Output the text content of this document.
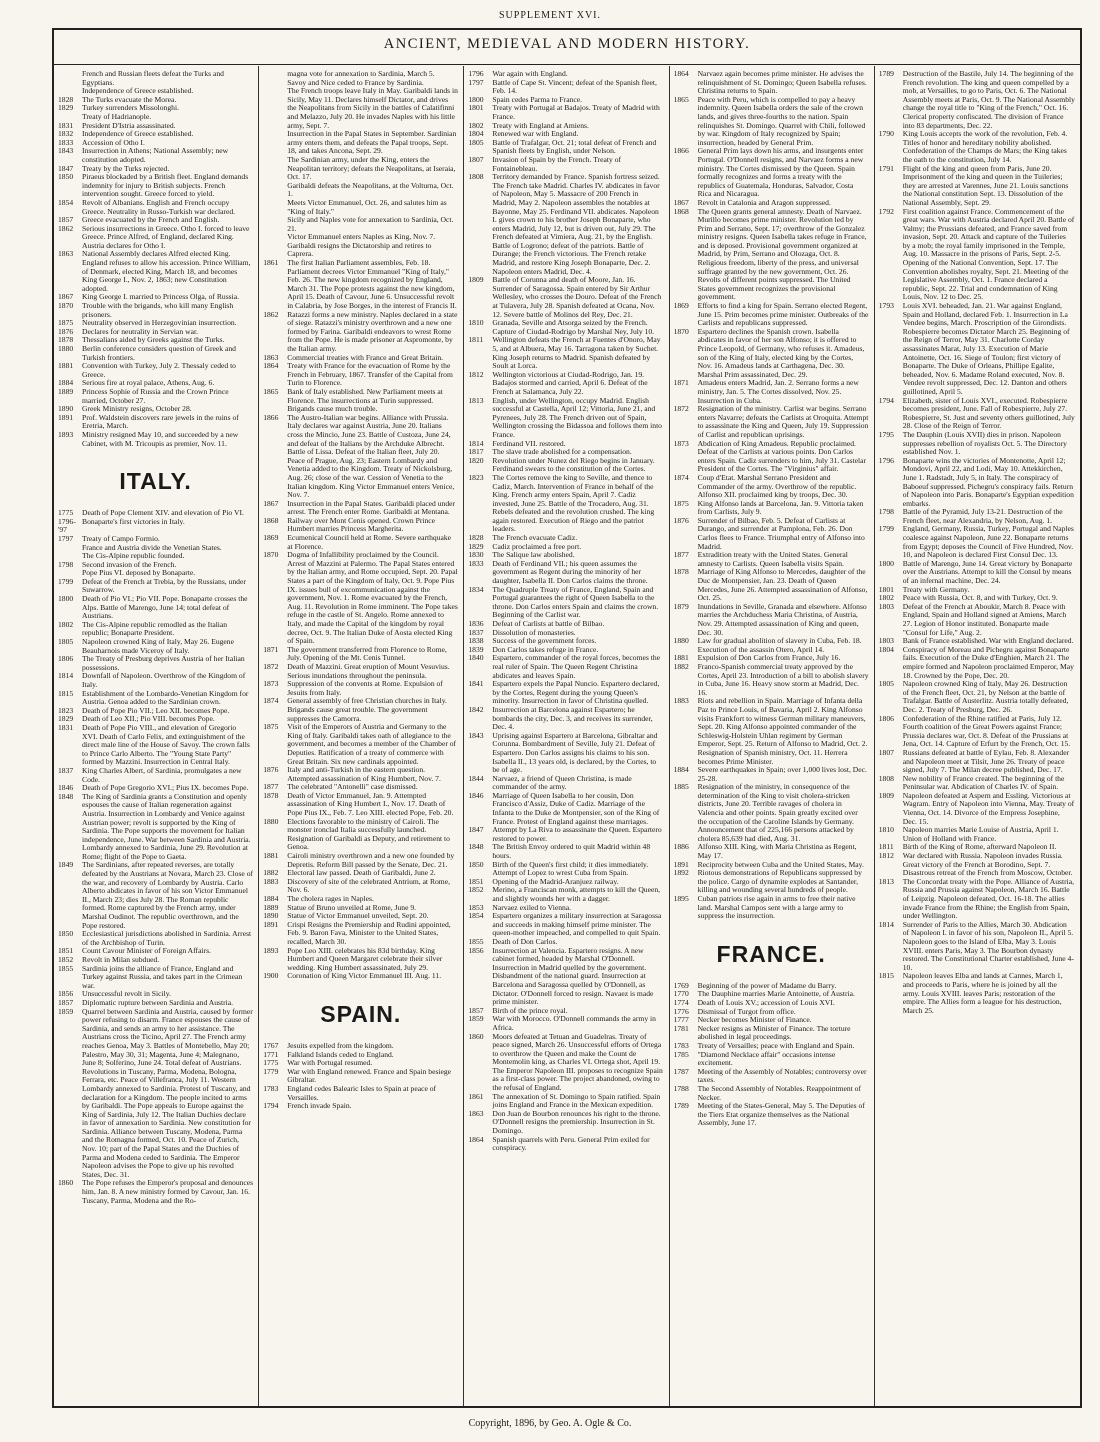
SUPPLEMENT XVI.
ANCIENT, MEDIEVAL AND MODERN HISTORY.
French and Russian fleets defeat the Turks and Egyptians.
Independence of Greece established.
1828	The Turks evacuate the Morea.
1829	Turkey surrenders Missolonghi.
Treaty of Hadrianople.
1831	President D'Istria assassinated.
1832	Independence of Greece established.
1833	Accession of Otho I.
1843	Insurrection in Athens; National Assembly; new constitution adopted.
1847	Treaty by the Turks rejected.
1850	Piraeus blockaded by a British fleet. England demands indemnity for injury to British subjects. French intervention sought. Greece forced to yield.
1854	Revolt of Albanians. English and French occupy Greece. Neutrality in Russo-Turkish war declared.
1857	Greece evacuated by the French and English.
1862	Serious insurrections in Greece. Otho I. forced to leave Greece. Prince Alfred, of England, declared King. Austria declares for Otho I.
1863	National Assembly declares Alfred elected King. England refuses to allow his accession. Prince William, of Denmark, elected King, March 18, and becomes King George I., Nov. 2, 1863; new Constitution adopted.
1867	King George I. married to Princess Olga, of Russia.
1870	Trouble with the brigands, who kill many English prisoners.
1875	Neutrality observed in Herzegovinian insurrection.
1876	Declares for neutrality in Servian war.
1878	Thessalians aided by Greeks against the Turks.
1880	Berlin conference considers question of Greek and Turkish frontiers.
1881	Convention with Turkey, July 2. Thessaly ceded to Greece.
1884	Serious fire at royal palace, Athens, Aug. 6.
1889	Princess Sophie of Russia and the Crown Prince married, October 27.
1890	Greek Ministry resigns, October 28.
1891	Prof. Waldstein discovers rare jewels in the ruins of Eretria, March.
1893	Ministry resigned May 10, and succeeded by a new Cabinet, with M. Tricoupis as premier, Nov. 11.
ITALY.
1775	Death of Pope Clement XIV. and elevation of Pio VI.
1796-'97
Bonaparte's first victories in Italy.
1797	Treaty of Campo Formio.
France and Austria divide the Venetian States.
The Cis-Alpine republic founded.
1798	Second invasion of the French.
Pope Pius VI. deposed by Bonaparte.
1799	Defeat of the French at Trebia, by the Russians, under Suwarrow.
1800	Death of Pio VI.; Pio VII. Pope. Bonaparte crosses the Alps. Battle of Marengo, June 14; total defeat of Austrians.
1802	The Cis-Alpine republic remodled as the Italian republic; Bonaparte President.
1805	Napoleon crowned King of Italy, May 26. Eugene Beauharnois made Viceroy of Italy.
1806	The Treaty of Presburg deprives Austria of her Italian possessions.
1814	Downfall of Napoleon. Overthrow of the Kingdom of Italy.
1815	Establishment of the Lombardo-Venetian Kingdom for Austria. Genoa added to the Sardinian crown.
1823	Death of Pope Pio VII.; Leo XII. becomes Pope.
1829	Death of Leo XII.; Pio VIII. becomes Pope.
1831	Death of Pope Pio VIII., and elevation of Gregorio XVI. Death of Carlo Felix, and extinguishment of the direct male line of the House of Savoy. The crown falls to Prince Carlo Alberto. The "Young State Party" formed by Mazzini. Insurrection in Central Italy.
1837	King Charles Albert, of Sardinia, promulgates a new Code.
1846	Death of Pope Gregorio XVI.; Pius IX. becomes Pope.
1848	The King of Sardinia grants a Constitution and openly espouses the cause of Italian regeneration against Austria. Insurrection in Lombardy and Venice against Austrian power; revolt is supported by the King of Sardinia. The Pope supports the movement for Italian independence, June. War between Sardinia and Austria. Lombardy annexed to Sardinia, June 29. Revolution at Rome; flight of the Pope to Gaeta.
1849	The Sardinians, after repeated reverses, are totally defeated by the Austrians at Novara, March 23. Close of the war, and recovery of Lombardy by Austria. Carlo Alberto abdicates in favor of his son Victor Emmanuel II., March 23; dies July 28. The Roman republic formed. Rome captured by the French army, under Marshal Oudinot. The republic overthrown, and the Pope restored.
1850	Ecclesiastical jurisdictions abolished in Sardinia. Arrest of the Archbishop of Turin.
1851	Count Cavour Minister of Foreign Affairs.
1852	Revolt in Milan subdued.
1855	Sardinia joins the alliance of France, England and Turkey against Russia, and takes part in the Crimean war.
1856	Unsuccessful revolt in Sicily.
1857	Diplomatic rupture between Sardinia and Austria.
1859	Quarrel between Sardinia and Austria, caused by former power refusing to disarm. France espouses the cause of Sardinia, and sends an army to her assistance. The Austrians cross the Ticino, April 27. The French army reaches Genoa, May 3. Battles of Montebello, May 20; Palestro, May 30, 31; Magenta, June 4; Malegnano, June 8; Solferino, June 24. Total defeat of Austrians. Revolutions in Tuscany, Parma, Modena, Bologna, Ferrara, etc. Peace of Villefranca, July 11. Western Lombardy annexed to Sardinia. Protest of Tuscany, and declaration for a Kingdom. The people incited to arms by Garibaldi. The Pope appeals to Europe against the King of Sardinia, July 12. The Italian Duchies declare in favor of annexation to Sardinia. New constitution for Sardinia. Alliance between Tuscany, Modena, Parma and the Romagna formed, Oct. 10. Peace of Zurich, Nov. 10; part of the Papal States and the Duchies of Parma and Modena ceded to Sardinia. The Emperor Napoleon advises the Pope to give up his revolted States, Dec. 31.
1860	The Pope refuses the Emperor's proposal and denounces him, Jan. 8. A new ministry formed by Cavour, Jan. 16. Tuscany, Parma, Modena and the Ro-
magna vote for annexation to Sardinia, March 5.
Savoy and Nice ceded to France by Sardinia.
The French troops leave Italy in May. Garibaldi lands in Sicily, May 11. Declares himself Dictator, and drives the Neapolitans from Sicily in the battles of Calatifinni and Melazzo, July 20. He invades Naples with his little army, Sept. 7.
Insurrection in the Papal States in September. Sardinian army enters them, and defeats the Papal troops, Sept. 18, and takes Ancona, Sept. 29.
The Sardinian army, under the King, enters the Neapolitan territory; defeats the Neapolitans, at Iseraia, Oct. 17.
Garibaldi defeats the Neapolitans, at the Volturna, Oct. 1.
Meets Victor Emmanuel, Oct. 26, and salutes him as "King of Italy."
Sicily and Naples vote for annexation to Sardinia, Oct. 21.
Victor Emmanuel enters Naples as King, Nov. 7.
Garibaldi resigns the Dictatorship and retires to Caprera.
1861	The first Italian Parliament assembles, Feb. 18. Parliament decrees Victor Emmanuel "King of Italy," Feb. 26. The new kingdom recognized by England, March 31. The Pope protests against the new kingdom, April 15. Death of Cavour, June 6. Unsuccessful revolt in Calabria, by Jose Borges, in the interest of Francis II.
1862	Ratazzi forms a new ministry. Naples declared in a state of siege. Ratazzi's ministry overthrown and a new one formed by Farina. Garibaldi endeavors to wrest Rome from the Pope. He is made prisoner at Aspromonte, by the Italian army.
1863	Commercial treaties with France and Great Britain.
1864	Treaty with France for the evacuation of Rome by the French in February, 1867. Transfer of the Capital from Turin to Florence.
1865	Bank of Italy established. New Parliament meets at Florence. The insurrections at Turin suppressed. Brigands cause much trouble.
1866	The Austro-Italian war begins. Alliance with Prussia. Italy declares war against Austria, June 20. Italians cross the Mincio, June 23. Battle of Custoza, June 24, and defeat of the Italians by the Archduke Albrecht. Battle of Lissa. Defeat of the Italian fleet, July 20. Peace of Prague, Aug. 23; Eastern Lombardy and Venetia added to the Kingdom. Treaty of Nickolsburg, Aug. 26; close of the war. Cession of Venetia to the Italian kingdom. King Victor Emmanuel enters Venice, Nov. 7.
1867	Insurrection in the Papal States. Garibaldi placed under arrest. The French enter Rome. Garibaldi at Mentana.
1868	Railway over Mont Cenis opened. Crown Prince Humbert marries Princess Margherita.
1869	Ecumenical Council held at Rome. Severe earthquake at Florence.
1870	Dogma of Infallibility proclaimed by the Council. Arrest of Mazzini at Palermo. The Papal States entered by the Italian army, and Rome occupied, Sept. 20. Papal States a part of the Kingdom of Italy, Oct. 9. Pope Pius IX. issues bull of excommunication against the government, Nov. 1. Rome evacuated by the French, Aug. 11. Revolution in Rome imminent. The Pope takes refuge in the castle of St. Angelo. Rome annexed to Italy, and made the Capital of the kingdom by royal decree, Oct. 9. The Italian Duke of Aosta elected King of Spain.
1871	The government transferred from Florence to Rome, July. Opening of the Mt. Cenis Tunnel.
1872	Death of Mazzini. Great eruption of Mount Vesuvius. Serious inundations throughout the peninsula.
1873	Suppression of the convents at Rome. Expulsion of Jesuits from Italy.
1874	General assembly of free Christian churches in Italy. Brigands cause great trouble. The government suppresses the Camorra.
1875	Visit of the Emperors of Austria and Germany to the King of Italy. Garibaldi takes oath of allegiance to the government, and becomes a member of the Chamber of Deputies. Ratification of a treaty of commerce with Great Britain. Six new cardinals appointed.
1876	Italy and anti-Turkish in the eastern question. Attempted assassination of King Humbert, Nov. 7.
1877	The celebrated "Antonelli" case dismissed.
1878	Death of Victor Emmanuel, Jan. 9. Attempted assassination of King Humbert I., Nov. 17. Death of Pope Pius IX., Feb. 7. Leo XIII. elected Pope, Feb. 20.
1880	Elections favorable to the ministry of Cairoli. The monster ironclad Italia successfully launched. Resignation of Garibaldi as Deputy, and retirement to Genoa.
1881	Cairoli ministry overthrown and a new one founded by Depretis. Reform Bill passed by the Senate, Dec. 21.
1882	Electoral law passed. Death of Garibaldi, June 2.
1883	Discovery of site of the celebrated Antrium, at Rome, Nov. 6.
1884	The cholera rages in Naples.
1889	Statue of Bruno unveiled at Rome, June 9.
1890	Statue of Victor Emmanuel unveiled, Sept. 20.
1891	Crispi Resigns the Premiership and Rudini appointed, Feb. 9. Baron Fava, Minister to the United States, recalled, March 30.
1893	Pope Leo XIII. celebrates his 83d birthday. King Humbert and Queen Margaret celebrate their silver wedding. King Humbert assassinated, July 29.
1900	Coronation of King Victor Emmanuel III. Aug. 11.
SPAIN.
1767	Jesuits expelled from the kingdom.
1771	Falkland Islands ceded to England.
1775	War with Portugal resumed.
1779	War with England renewed. France and Spain besiege Gibraltar.
1783	England cedes Balearic Isles to Spain at peace of Versailles.
1794	French invade Spain.
1796	War again with England.
1797	Battle of Cape St. Vincent; defeat of the Spanish fleet, Feb. 14.
1800	Spain cedes Parma to France.
1801	Treaty with Portugal at Badajos. Treaty of Madrid with France.
1802	Treaty with England at Amiens.
1804	Renewed war with England.
1805	Battle of Trafalgar, Oct. 21; total defeat of French and Spanish fleets by English, under Nelson.
1807	Invasion of Spain by the French. Treaty of Fontainebleau.
1808	Territory demanded by France. Spanish fortress seized. The French take Madrid. Charles IV. abdicates in favor of Napoleon, May 5. Massacre of 200 French in Madrid, May 2. Napoleon assembles the notables at Bayonne, May 25. Ferdinand VII. abdicates. Napoleon I. gives crown to his brother Joseph Bonaparte, who enters Madrid, July 12, but is driven out, July 29. The French defeated at Vimiera, Aug. 21, by the English. Battle of Logrono; defeat of the patriots. Battle of Durange; the French victorious. The French retake Madrid, and restore King Joseph Bonaparte, Dec. 2. Napoleon enters Madrid, Dec. 4.
1809	Battle of Corunna and death of Moore, Jan. 16. Surrender of Saragossa. Spain entered by Sir Arthur Wellesley, who crosses the Douro. Defeat of the French at Tulavera, July 28. Spanish defeated at Ocana, Nov. 12. Severe battle of Molinos del Rey, Dec. 21.
1810	Granada, Seville and Atsorga seized by the French. Capture of Ciudad-Rodrigo by Marshal Ney, July 10.
1811	Wellington defeats the French at Fuentes d'Onoro, May 5, and at Albuera, May 16. Tarragona taken by Suchet. King Joseph returns to Madrid. Spanish defeated by Soult at Lorca.
1812	Wellington victorious at Ciudad-Rodrigo, Jan. 19. Badajos stormed and carried, April 6. Defeat of the French at Salamanca, July 22.
1813	English, under Wellington, occupy Madrid. English successful at Castella, April 12; Vittoria, June 21, and Pyrenees, July 28. The French driven out of Spain, Wellington crossing the Bidassoa and follows them into France.
1814	Ferdinand VII. restored.
1817	The slave trade abolished for a compensation.
1820	Revolution under Nunez del Riego begins in January. Ferdinand swears to the constitution of the Cortes.
1823	The Cortes remove the king to Seville, and thence to Cadiz, March. Intervention of France in behalf of the King. French army enters Spain, April 7. Cadiz invested, June 25. Battle of the Trocadero, Aug. 31. Rebels defeated and the revolution crushed. The king again restored. Execution of Riego and the patriot leaders.
1828	The French evacuate Cadiz.
1829	Cadiz proclaimed a free port.
1830	The Salique law abolished.
1833	Death of Ferdinand VII.; his queen assumes the government as Regent during the minority of her daughter, Isabella II. Don Carlos claims the throne.
1834	The Quadruple Treaty of France, England, Spain and Portugal guarantees the right of Queen Isabella to the throne. Don Carlos enters Spain and claims the crown. Beginning of the Carlist war.
1836	Defeat of Carlists at battle of Bilbao.
1837	Dissolution of monasteries.
1838	Success of the government forces.
1839	Don Carlos takes refuge in France.
1840	Espartero, commander of the royal forces, becomes the real ruler of Spain. The Queen Regent Christina abdicates and leaves Spain.
1841	Espartero expels the Papal Nuncio. Espartero declared, by the Cortes, Regent during the young Queen's minority. Insurrection in favor of Christina quelled.
1842	Insurrection at Barcelona against Espartero; he bombards the city, Dec. 3, and receives its surrender, Dec. 4.
1843	Uprising against Espartero at Barcelona, Gibraltar and Corunna. Bombardment of Seville, July 21. Defeat of Espartero. Don Carlos assigns his claims to his son. Isabella II., 13 years old, is declared, by the Cortes, to be of age.
1844	Narvaez, a friend of Queen Christina, is made commander of the army.
1846	Marriage of Queen Isabella to her cousin, Don Francisco d'Assiz, Duke of Cadiz. Marriage of the Infanta to the Duke de Montpensier, son of the King of France. Protest of England against these marriages.
1847	Attempt by La Riva to assassinate the Queen. Espartero restored to power.
1848	The British Envoy ordered to quit Madrid within 48 hours.
1850	Birth of the Queen's first child; it dies immediately. Attempt of Lopez to wrest Cuba from Spain.
1851	Opening of the Madrid-Aranjuez railway.
1852	Merino, a Franciscan monk, attempts to kill the Queen, and slightly wounds her with a dagger.
1853	Narvaez exiled to Vienna.
1854	Espartero organizes a military insurrection at Saragossa and succeeds in making himself prime minister. The queen-mother impeached, and compelled to quit Spain.
1855	Death of Don Carlos.
1856	Insurrection at Valencia. Espartero resigns. A new cabinet formed, headed by Marshal O'Donnell. Insurrection in Madrid quelled by the government. Disbandment of the national guard. Insurrection at Barcelona and Saragossa quelled by O'Donnell, as Dictator. O'Donnell forced to resign. Navaez is made prime minister.
1857	Birth of the prince royal.
1859	War with Morocco. O'Donnell commands the army in Africa.
1860	Moors defeated at Tetuan and Guadelras. Treaty of peace signed, March 26. Unsuccessful efforts of Ortega to overthrow the Queen and make the Count de Montemolin king, as Charles VI. Ortega shot, April 19. The Emperor Napoleon III. proposes to recognize Spain as a first-class power. The project abandoned, owing to the refusal of England.
1861	The annexation of St. Domingo to Spain ratified. Spain joins England and France in the Mexican expedition.
1863	Don Juan de Bourbon renounces his right to the throne. O'Donnell resigns the premiership. Insurrection in St. Domingo.
1864	Spanish quarrels with Peru. General Prim exiled for conspiracy.
1864	Narvaez again becomes prime minister. He advises the relinquishment of St. Domingo; Queen Isabella refuses. Christina returns to Spain.
1865	Peace with Peru, which is compelled to pay a heavy indemnity. Queen Isabella orders the sale of the crown lands, and gives three-fourths to the nation. Spain relinquishes St. Domingo. Quarrel with Chili, followed by war. Kingdom of Italy recognized by Spain; insurrection, headed by General Prim.
1866	General Prim lays down his arms, and insurgents enter Portugal. O'Donnell resigns, and Narvaez forms a new ministry. The Cortes dismissed by the Queen. Spain formally recognizes and forms a treaty with the republics of Guatemala, Honduras, Salvador, Costa Rica and Nicaragua.
1867	Revolt in Catalonia and Aragon suppressed.
1868	The Queen grants general amnesty. Death of Narvaez. Murillo becomes prime minister. Revolution led by Prim and Serrano, Sept. 17; overthrow of the Gonzalez ministry resigns. Queen Isabella takes refuge in France, and is deposed. Provisional government organized at Madrid, by Prim, Serrano and Olozaga, Oct. 8. Religious freedom, liberty of the press, and universal suffrage granted by the new government, Oct. 26. Revolts of different points suppressed. The United States government recognizes the provisional government.
1869	Efforts to find a king for Spain. Serrano elected Regent, June 15. Prim becomes prime minister. Outbreaks of the Carlists and republicans suppressed.
1870	Espartero declines the Spanish crown. Isabella abdicates in favor of her son Alfonso; it is offered to Prince Leopold, of Germany, who refuses it. Amadeus, son of the King of Italy, elected king by the Cortes, Nov. 16. Amadeus lands at Carthagena, Dec. 30. Marshal Prim assassinated, Dec. 29.
1871	Amadeus enters Madrid, Jan. 2. Serrano forms a new ministry, Jan. 5. The Cortes dissolved, Nov. 25. Insurrection in Cuba.
1872	Resignation of the ministry. Carlist war begins. Serrano enters Navarre; defeats the Carlists at Oroquita. Attempt to assassinate the King and Queen, July 19. Suppression of Carlist and republican uprisings.
1873	Abdication of King Amadeus. Republic proclaimed. Defeat of the Carlists at various points. Don Carlos enters Spain. Cadiz surrenders to him, July 31. Castelar President of the Cortes. The "Virginius" affair.
1874	Coup d'Etat. Marshal Serrano President and Commander of the army. Overthrow of the republic. Alfonso XII. proclaimed king by troops, Dec. 30.
1875	King Alfonso lands at Barcelona, Jan. 9. Vittoria taken from Carlists, July 9.
1876	Surrender of Bilbao, Feb. 5. Defeat of Carlists at Durango, and surrender at Pamplona, Feb. 26. Don Carlos flees to France. Triumphal entry of Alfonso into Madrid.
1877	Extradition treaty with the United States. General amnesty to Carlists. Queen Isabella visits Spain.
1878	Marriage of King Alfonso to Mercedes, daughter of the Duc de Montpensier, Jan. 23. Death of Queen Mercedes, June 26. Attempted assassination of Alfonso, Oct. 25.
1879	Inundations in Seville, Granada and elsewhere. Alfonso marries the Archduchess Maria Christina, of Austria, Nov. 29. Attempted assassination of King and queen, Dec. 30.
1880	Law for gradual abolition of slavery in Cuba, Feb. 18. Execution of the assassin Otero, April 14.
1881	Expulsion of Don Carlos from France, July 16.
1882	Franco-Spanish commercial treaty approved by the Cortes, April 23. Introduction of a bill to abolish slavery in Cuba, June 16. Heavy snow storm at Madrid, Dec. 16.
1883	Riots and rebellion in Spain. Marriage of Infanta della Paz to Prince Louis, of Bavaria, April 2. King Alfonso visits Frankfort to witness German military maneuvers, Sept. 20. King Alfonso appointed commander of the Schleswig-Holstein Uhlan regiment by German Emperor, Sept. 25. Return of Alfonso to Madrid, Oct. 2. Resignation of Spanish ministry, Oct. 11. Herrera becomes Prime Minister.
1884	Severe earthquakes in Spain; over 1,000 lives lost, Dec. 25-28.
1885	Resignation of the ministry, in consequence of the determination of the King to visit cholera-stricken districts, June 20. Terrible ravages of cholera in Valencia and other points. Spain greatly excited over the occupation of the Caroline Islands by Germany. Announcement that of 225,166 persons attacked by cholera 85,639 had died, Aug. 31.
1886	Alfonso XIII. King, with Maria Christina as Regent, May 17.
1891	Reciprocity between Cuba and the United States, May.
1892	Riotous demonstrations of Republicans suppressed by the police. Cargo of dynamite explodes at Santander, killing and wounding several hundreds of people.
1895	Cuban patriots rise again in arms to free their native land. Marshal Campos sent with a large army to suppress the insurrection.
FRANCE.
1769	Beginning of the power of Madame du Barry.
1770	The Dauphine marries Marie Antoinette, of Austria.
1774	Death of Louis XV.; accession of Louis XVI.
1776	Dismissal of Turgot from office.
1777	Necker becomes Minister of Finance.
1781	Necker resigns as Minister of Finance. The torture abolished in legal proceedings.
1783	Treaty of Versailles; peace with England and Spain.
1785	"Diamond Necklace affair" occasions intense excitement.
1787	Meeting of the Assembly of Notables; controversy over taxes.
1788	The Second Assembly of Notables. Reappointment of Necker.
1789	Meeting of the States-General, May 5. The Deputies of the Tiers Etat organize themselves as the National Assembly, June 17.
1789	Destruction of the Bastile, July 14. The beginning of the French revolution. The king and queen compelled by a mob, at Versailles, to go to Paris, Oct. 6. The National Assembly meets at Paris, Oct. 9. The National Assembly change the royal title to "King of the French," Oct. 16. Clerical property confiscated. The division of France into 83 departments, Dec. 22.
1790	King Louis accepts the work of the revolution, Feb. 4. Titles of honor and hereditary nobility abolished. Confederation of the Champs de Mars; the King takes the oath to the constitution, July 14.
1791	Flight of the king and queen from Paris, June 20. Imprisonment of the king and queen in the Tuileries; they are arrested at Varennes, June 21. Louis sanctions the National constitution Sept. 13. Dissolution of the National Assembly, Sept. 29.
1792	First coalition against France. Commencement of the great wars. War with Austria declared April 20. Battle of Valmy; the Prussians defeated, and France saved from invasion, Sept. 20. Attack and capture of the Tuileries by a mob; the royal family imprisoned in the Temple, Aug. 10. Massacre in the prisons of Paris, Sept. 2-5. Opening of the National Convention, Sept. 17. The Convention abolishes royalty, Sept. 21. Meeting of the Legislative Assembly, Oct. 1. France declared a republic, Sept. 22. Trial and condemnation of King Louis, Nov. 12 to Dec. 25.
1793	Louis XVI. beheaded, Jan. 21. War against England, Spain and Holland, declared Feb. 1. Insurrection in La Vendee begins, March. Proscription of the Girondists. Robespierre becomes Dictator March 25. Beginning of the Reign of Terror, May 31. Charlotte Corday assassinates Marat, July 13. Execution of Marie Antoinette, Oct. 16. Siege of Toulon; first victory of Bonaparte. The Duke of Orleans, Phillipe Egalite, beheaded, Nov. 6. Madame Roland executed, Nov. 8. Vendee revolt suppressed, Dec. 12. Danton and others guillotined, April 5.
1794	Elizabeth, sister of Louis XVI., executed. Robespierre becomes president, June. Fall of Robespierre, July 27. Robespierre, St. Just and seventy others guillotined, July 28. Close of the Reign of Terror.
1795	The Dauphin (Louis XVII) dies in prison. Napoleon suppresses rebellion of royalists Oct. 5. The Directory established Nov. 1.
1796	Bonaparte wins the victories of Montenotte, April 12; Mondovi, April 22, and Lodi, May 10. Attekkirchen, June 1. Radstadt, July 5, in Italy. The conspiracy of Baboeuf suppressed. Pichegru's conspiracy fails. Return of Napoleon into Paris. Bonaparte's Egyptian expedition embarks.
1798	Battle of the Pyramid, July 13-21. Destruction of the French fleet, near Alexandria, by Nelson, Aug. 1.
1799	England, Germany, Russia, Turkey, Portugal and Naples coalesce against Napoleon, June 22. Bonaparte returns from Egypt; deposes the Council of Five Hundred, Nov. 10, and Napoleon is declared First Consul Dec. 13.
1800	Battle of Marengo, June 14. Great victory by Bonaparte over the Austrians. Attempt to kill the Consul by means of an infernal machine, Dec. 24.
1801	Treaty with Germany.
1802	Peace with Russia, Oct. 8, and with Turkey, Oct. 9.
1803	Defeat of the French at Aboukir, March 8. Peace with England, Spain and Holland signed at Amiens, March 27. Legion of Honor instituted. Bonaparte made "Consul for Life," Aug. 2.
1803	Bank of France established. War with England declared.
1804	Conspiracy of Moreau and Pichegru against Bonaparte fails. Execution of the Duke d'Enghien, March 21. The empire formed and Napoleon proclaimed Emperor, May 18. Crowned by the Pope, Dec. 20.
1805	Napoleon crowned King of Italy, May 26. Destruction of the French fleet, Oct. 21, by Nelson at the battle of Trafalgar. Battle of Austerlitz. Austria totally defeated, Dec. 2. Treaty of Presburg, Dec. 26.
1806	Confederation of the Rhine ratified at Paris, July 12. Fourth coalition of the Great Powers against France; Prussia declares war, Oct. 8. Defeat of the Prussians at Jena, Oct. 14. Capture of Erfurt by the French, Oct. 15.
1807	Russians defeated at battle of Eylau, Feb. 8. Alexander and Napoleon meet at Tilsit, June 26. Treaty of peace signed, July 7. The Milan decree published, Dec. 17.
1808	New nobility of France created. The beginning of the Peninsular war. Abdication of Charles IV. of Spain.
1809	Napoleon defeated at Aspern and Essling. Victorious at Wagram. Entry of Napoleon into Vienna, May. Treaty of Vienna, Oct. 14. Divorce of the Empress Josephine, Dec. 15.
1810	Napoleon marries Marie Louise of Austria, April 1. Union of Holland with France.
1811	Birth of the King of Rome, afterward Napoleon II.
1812	War declared with Russia. Napoleon invades Russia. Great victory of the French at Borodino, Sept. 7. Disastrous retreat of the French from Moscow, October.
1813	The Concordat treaty with the Pope. Alliance of Austria, Russia and Prussia against Napoleon, March 16. Battle of Leipzig. Napoleon defeated, Oct. 16-18. The allies invade France from the Rhine; the English from Spain, under Wellington.
1814	Surrender of Paris to the Allies, March 30. Abdication of Napoleon I. in favor of his son, Napoleon II., April 5. Napoleon goes to the Island of Elba, May 3. Louis XVIII. enters Paris, May 3. The Bourbon dynasty restored. The Constitutional Charter established, June 4-10.
1815	Napoleon leaves Elba and lands at Cannes, March 1, and proceeds to Paris, where he is joined by all the army. Louis XVIII. leaves Paris; restoration of the empire. The Allies form a league for his destruction, March 25.
Copyright, 1896, by Geo. A. Ogle & Co.
